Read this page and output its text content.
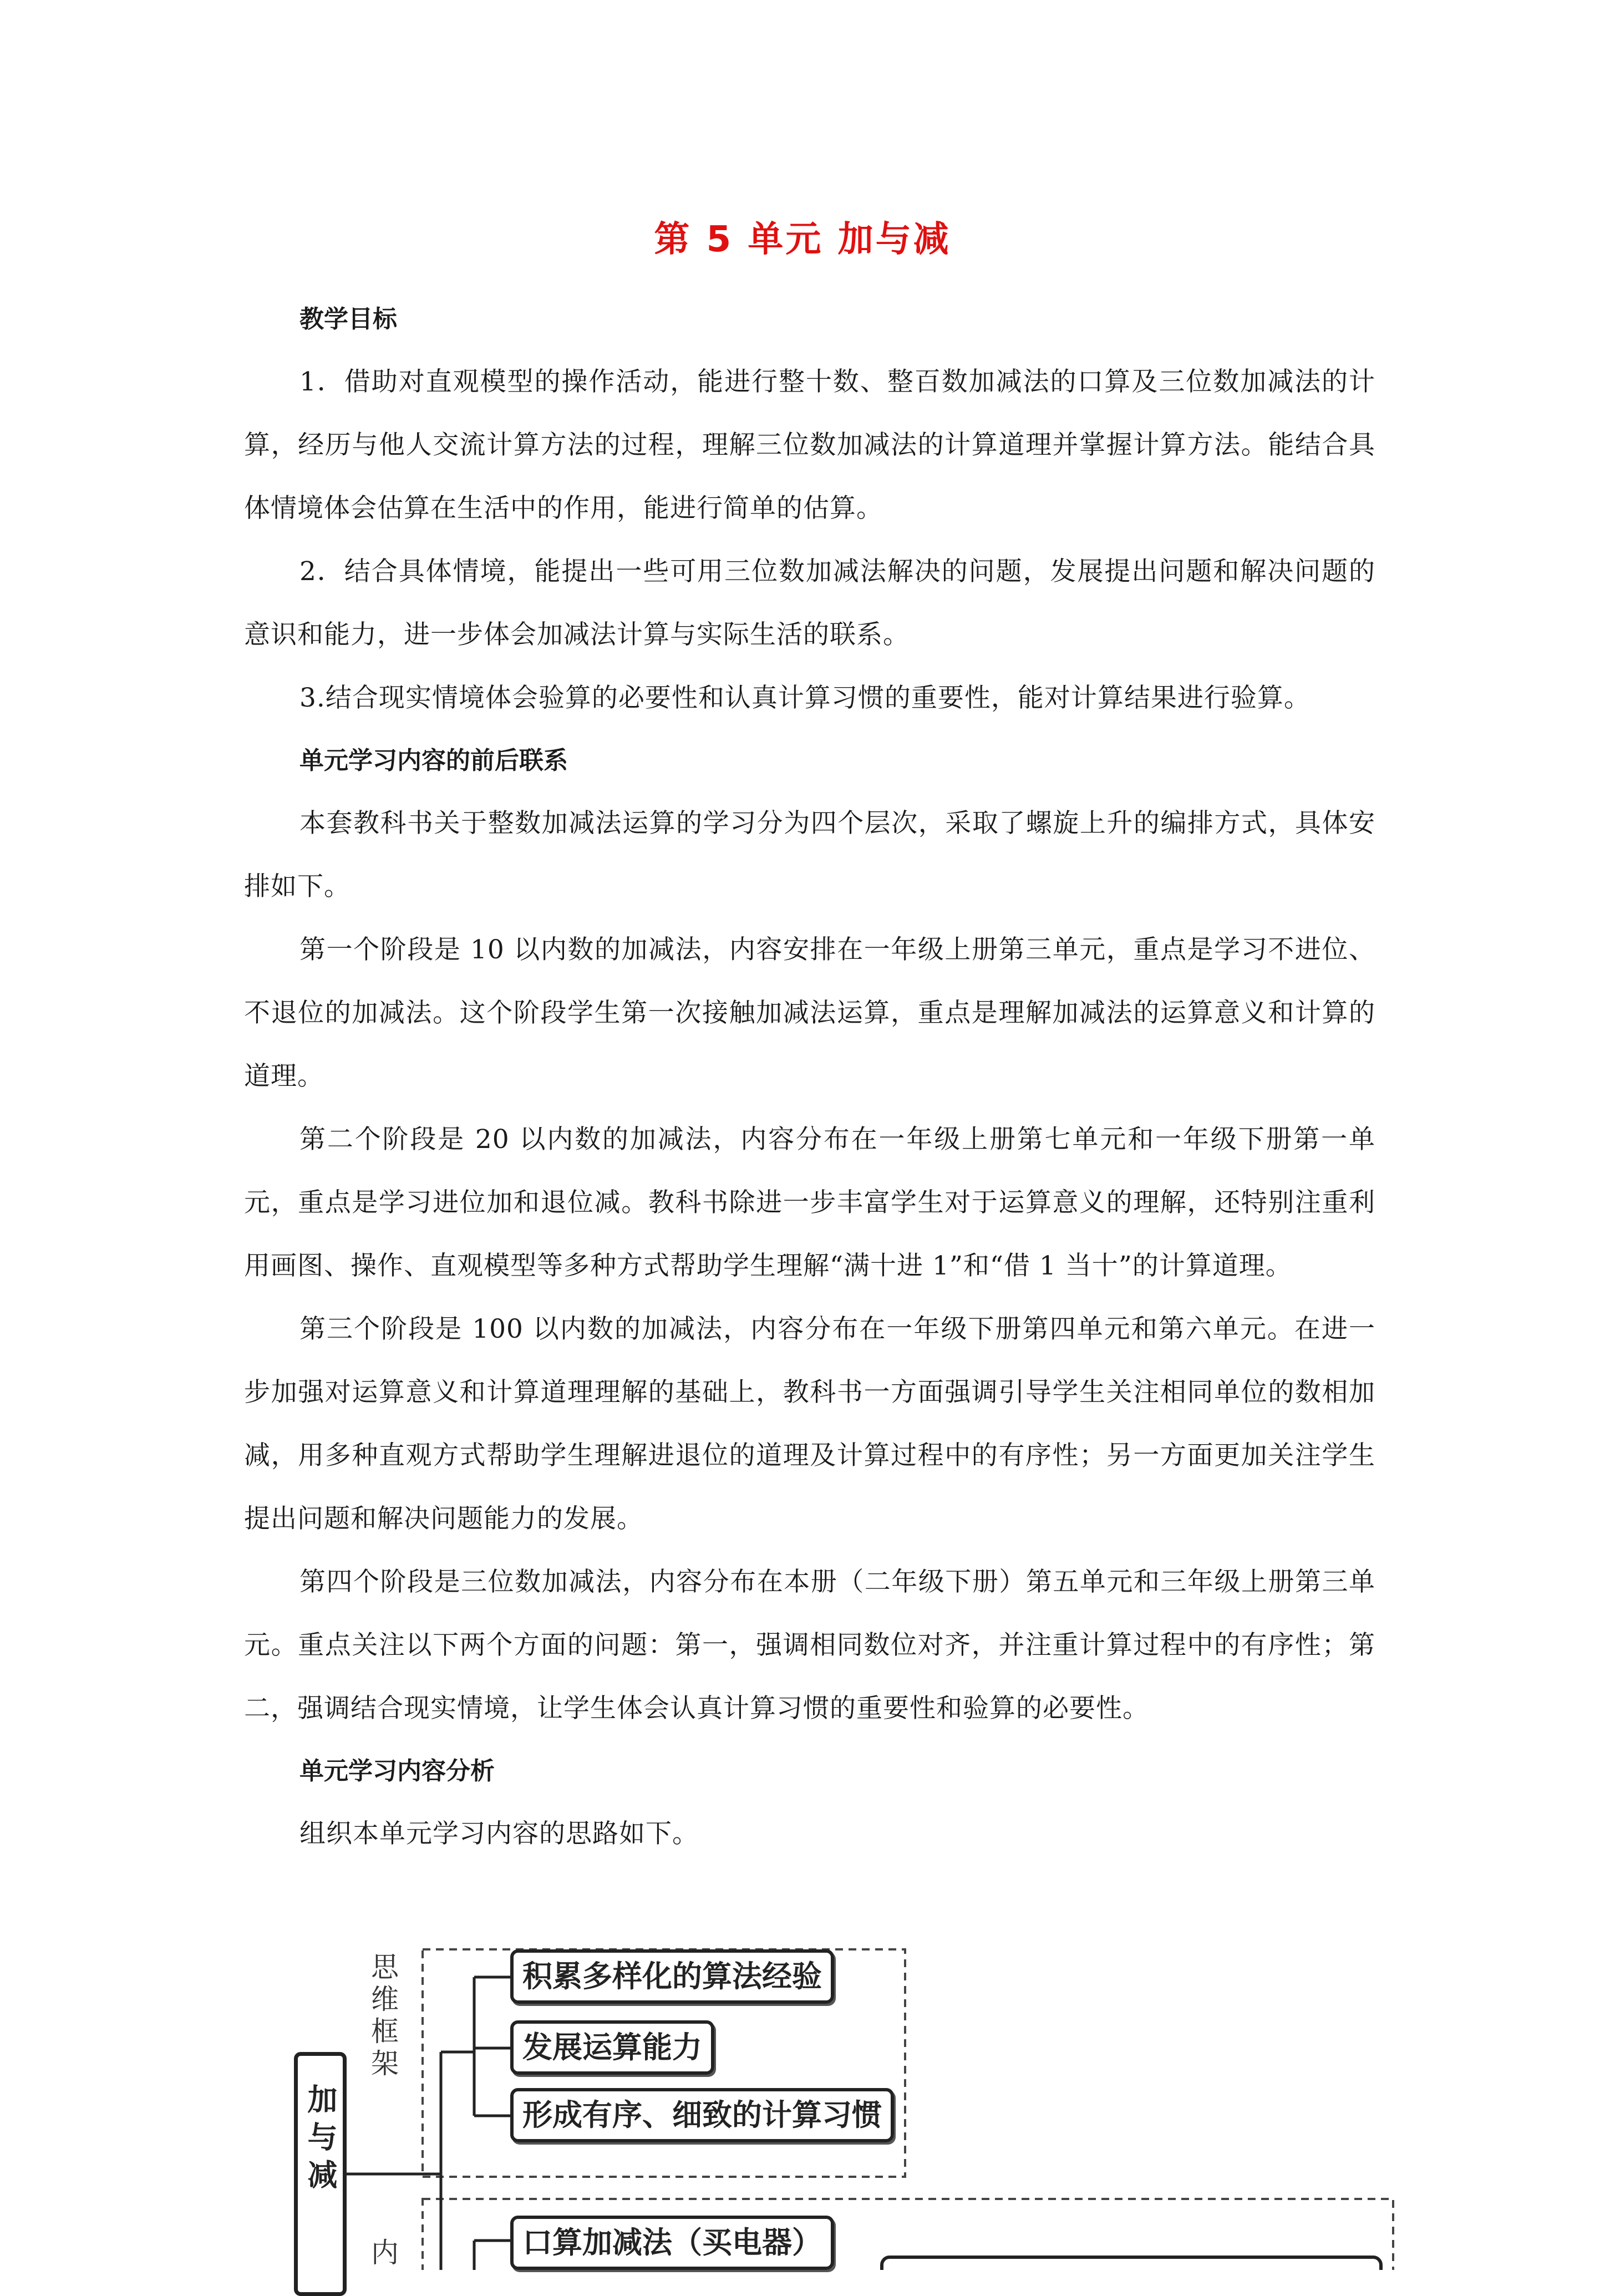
第 5 单元 加与减
教学目标

1．借助对直观模型的操作活动，能进行整十数、整百数加减法的口算及三位数加减法的计算，经历与他人交流计算方法的过程，理解三位数加减法的计算道理并掌握计算方法。能结合具体情境体会估算在生活中的作用，能进行简单的估算。

2．结合具体情境，能提出一些可用三位数加减法解决的问题，发展提出问题和解决问题的意识和能力，进一步体会加减法计算与实际生活的联系。

3.结合现实情境体会验算的必要性和认真计算习惯的重要性，能对计算结果进行验算。

单元学习内容的前后联系

本套教科书关于整数加减法运算的学习分为四个层次，采取了螺旋上升的编排方式，具体安排如下。

第一个阶段是 10 以内数的加减法，内容安排在一年级上册第三单元，重点是学习不进位、不退位的加减法。这个阶段学生第一次接触加减法运算，重点是理解加减法的运算意义和计算的道理。

第二个阶段是 20 以内数的加减法，内容分布在一年级上册第七单元和一年级下册第一单元，重点是学习进位加和退位减。教科书除进一步丰富学生对于运算意义的理解，还特别注重利用画图、操作、直观模型等多种方式帮助学生理解“满十进 1”和“借 1 当十”的计算道理。

第三个阶段是 100 以内数的加减法，内容分布在一年级下册第四单元和第六单元。在进一步加强对运算意义和计算道理理解的基础上，教科书一方面强调引导学生关注相同单位的数相加减，用多种直观方式帮助学生理解进退位的道理及计算过程中的有序性；另一方面更加关注学生提出问题和解决问题能力的发展。

第四个阶段是三位数加减法，内容分布在本册（二年级下册）第五单元和三年级上册第三单元。重点关注以下两个方面的问题：第一，强调相同数位对齐，并注重计算过程中的有序性；第二，强调结合现实情境，让学生体会认真计算习惯的重要性和验算的必要性。

单元学习内容分析

组织本单元学习内容的思路如下。

加与减
思维框架
内
积累多样化的算法经验
发展运算能力
形成有序、细致的计算习惯
口算加减法（买电器）
